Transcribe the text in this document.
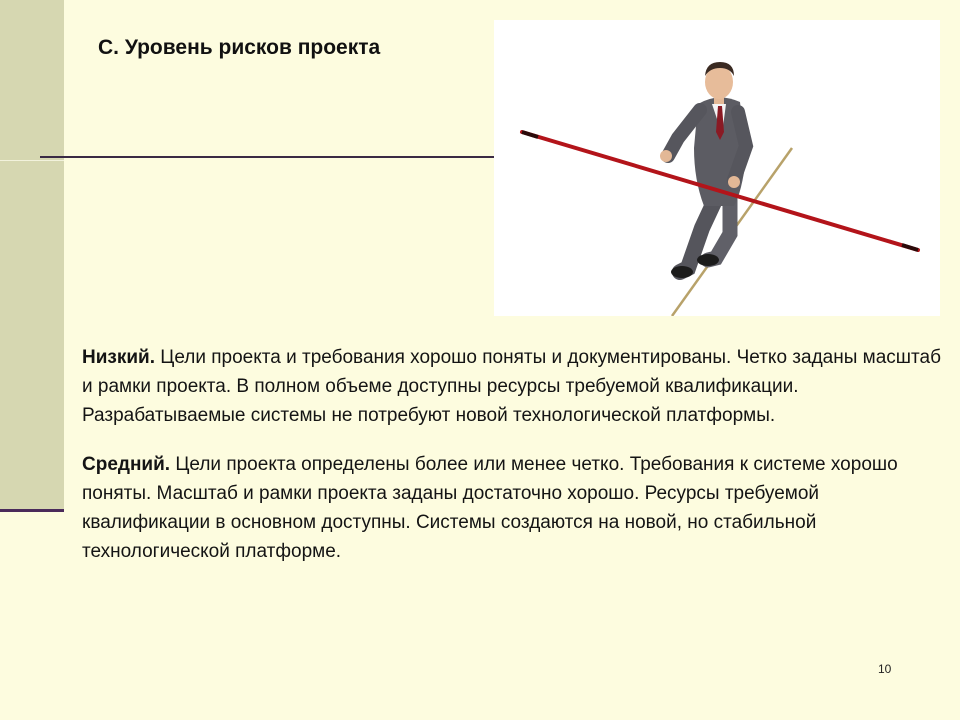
С. Уровень рисков проекта

Низкий. Цели проекта и требования хорошо поняты и документированы. Четко заданы масштаб и рамки проекта. В полном объеме доступны ресурсы требуемой квалификации. Разрабатываемые системы не потребуют новой технологической платформы.

Средний. Цели проекта определены более или менее четко. Требования к системе хорошо поняты. Масштаб и рамки проекта заданы достаточно хорошо. Ресурсы требуемой квалификации в основном доступны. Системы создаются на новой, но стабильной технологической платформе.

10
